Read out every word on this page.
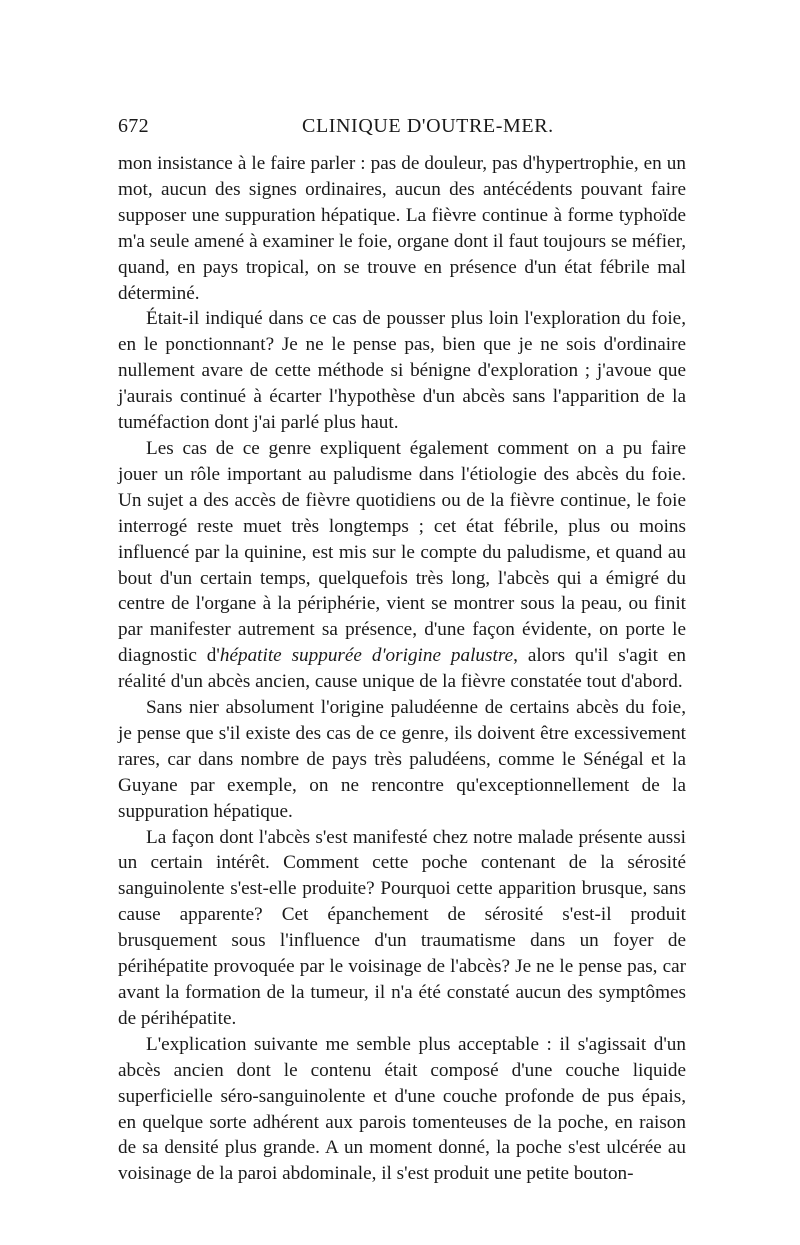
672	CLINIQUE D'OUTRE-MER.

mon insistance à le faire parler : pas de douleur, pas d'hypertrophie, en un mot, aucun des signes ordinaires, aucun des antécédents pouvant faire supposer une suppuration hépatique. La fièvre continue à forme typhoïde m'a seule amené à examiner le foie, organe dont il faut toujours se méfier, quand, en pays tropical, on se trouve en présence d'un état fébrile mal déterminé.

Était-il indiqué dans ce cas de pousser plus loin l'exploration du foie, en le ponctionnant? Je ne le pense pas, bien que je ne sois d'ordinaire nullement avare de cette méthode si bénigne d'exploration ; j'avoue que j'aurais continué à écarter l'hypothèse d'un abcès sans l'apparition de la tuméfaction dont j'ai parlé plus haut.

Les cas de ce genre expliquent également comment on a pu faire jouer un rôle important au paludisme dans l'étiologie des abcès du foie. Un sujet a des accès de fièvre quotidiens ou de la fièvre continue, le foie interrogé reste muet très longtemps ; cet état fébrile, plus ou moins influencé par la quinine, est mis sur le compte du paludisme, et quand au bout d'un certain temps, quelquefois très long, l'abcès qui a émigré du centre de l'organe à la périphérie, vient se montrer sous la peau, ou finit par manifester autrement sa présence, d'une façon évidente, on porte le diagnostic d'hépatite suppurée d'origine palustre, alors qu'il s'agit en réalité d'un abcès ancien, cause unique de la fièvre constatée tout d'abord.

Sans nier absolument l'origine paludéenne de certains abcès du foie, je pense que s'il existe des cas de ce genre, ils doivent être excessivement rares, car dans nombre de pays très paludéens, comme le Sénégal et la Guyane par exemple, on ne rencontre qu'exceptionnellement de la suppuration hépatique.

La façon dont l'abcès s'est manifesté chez notre malade présente aussi un certain intérêt. Comment cette poche contenant de la sérosité sanguinolente s'est-elle produite? Pourquoi cette apparition brusque, sans cause apparente? Cet épanchement de sérosité s'est-il produit brusquement sous l'influence d'un traumatisme dans un foyer de périhépatite provoquée par le voisinage de l'abcès? Je ne le pense pas, car avant la formation de la tumeur, il n'a été constaté aucun des symptômes de périhépatite.

L'explication suivante me semble plus acceptable : il s'agissait d'un abcès ancien dont le contenu était composé d'une couche liquide superficielle séro-sanguinolente et d'une couche profonde de pus épais, en quelque sorte adhérent aux parois tomenteuses de la poche, en raison de sa densité plus grande. A un moment donné, la poche s'est ulcérée au voisinage de la paroi abdominale, il s'est produit une petite bouton-
